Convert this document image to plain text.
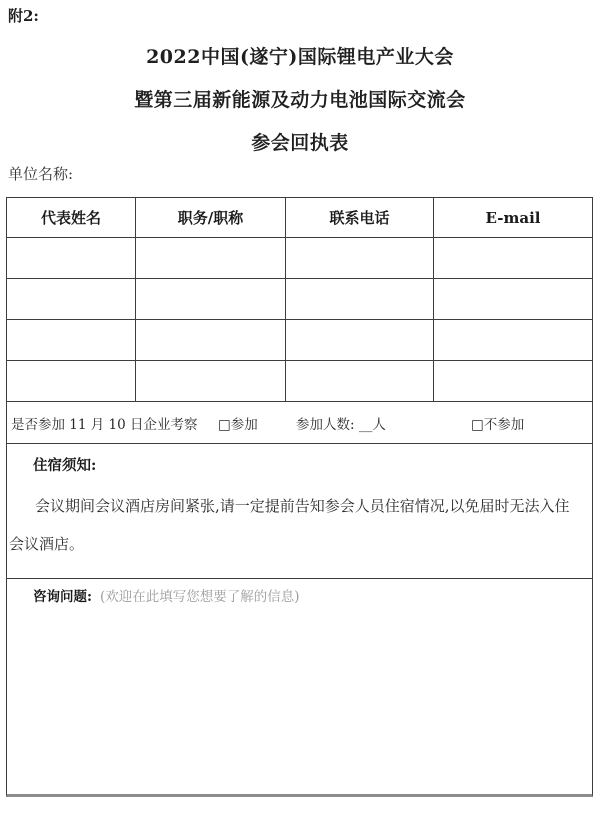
附2:
2022中国(遂宁)国际锂电产业大会
暨第三届新能源及动力电池国际交流会
参会回执表
单位名称:
代表姓名	职务/职称	联系电话	E-mail
是否参加 11 月 10 日企业考察 □参加	参加人数: __人	□不参加
住宿须知:
会议期间会议酒店房间紧张,请一定提前告知参会人员住宿情况,以免届时无法入住会议酒店。
咨询问题: (欢迎在此填写您想要了解的信息)
